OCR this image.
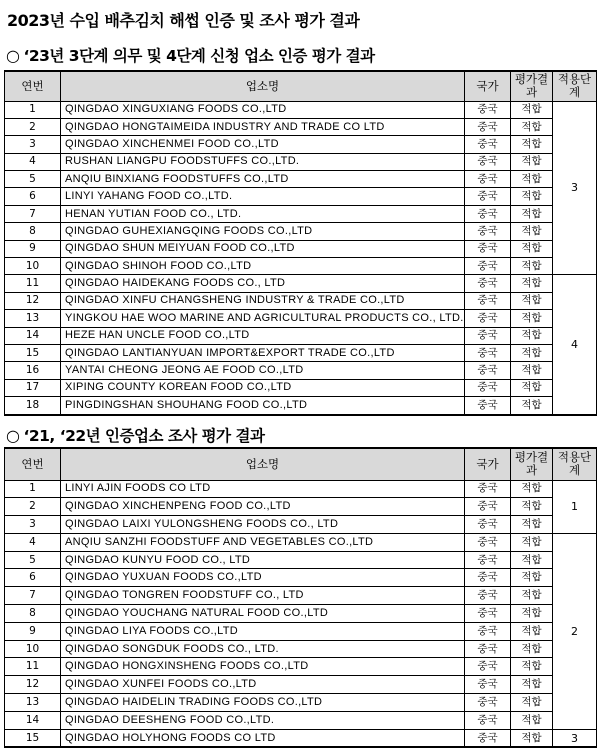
2023년 수입 배추김치 해썹 인증 및 조사 평가 결과
○ ‘23년 3단계 의무 및 4단계 신청 업소 인증 평가 결과
연번	업소명	국가	평가결과	적용단계
1	QINGDAO XINGUXIANG FOODS CO.,LTD	중국	적합	3
2	QINGDAO HONGTAIMEIDA INDUSTRY AND TRADE CO LTD	중국	적합	
3	QINGDAO XINCHENMEI FOOD CO.,LTD	중국	적합	
4	RUSHAN LIANGPU FOODSTUFFS CO.,LTD.	중국	적합	
5	ANQIU BINXIANG FOODSTUFFS CO.,LTD	중국	적합	
6	LINYI YAHANG FOOD CO.,LTD.	중국	적합	
7	HENAN YUTIAN FOOD CO., LTD.	중국	적합	
8	QINGDAO GUHEXIANGQING FOODS CO.,LTD	중국	적합	
9	QINGDAO SHUN MEIYUAN FOOD CO.,LTD	중국	적합	
10	QINGDAO SHINOH FOOD CO.,LTD	중국	적합	
11	QINGDAO HAIDEKANG FOODS CO., LTD	중국	적합	4
12	QINGDAO XINFU CHANGSHENG INDUSTRY & TRADE CO.,LTD	중국	적합	
13	YINGKOU HAE WOO MARINE AND AGRICULTURAL PRODUCTS CO., LTD.	중국	적합	
14	HEZE HAN UNCLE FOOD CO.,LTD	중국	적합	
15	QINGDAO LANTIANYUAN IMPORT&EXPORT TRADE CO.,LTD	중국	적합	
16	YANTAI CHEONG JEONG AE FOOD CO.,LTD	중국	적합	
17	XIPING COUNTY KOREAN FOOD CO.,LTD	중국	적합	
18	PINGDINGSHAN SHOUHANG FOOD CO.,LTD	중국	적합	
○ ‘21, ‘22년 인증업소 조사 평가 결과
연번	업소명	국가	평가결과	적용단계
1	LINYI AJIN FOODS CO LTD	중국	적합	1
2	QINGDAO XINCHENPENG FOOD CO.,LTD	중국	적합	
3	QINGDAO LAIXI YULONGSHENG FOODS CO., LTD	중국	적합	
4	ANQIU SANZHI FOODSTUFF AND VEGETABLES CO.,LTD	중국	적합	2
5	QINGDAO KUNYU FOOD CO., LTD	중국	적합	
6	QINGDAO YUXUAN FOODS CO.,LTD	중국	적합	
7	QINGDAO TONGREN FOODSTUFF CO., LTD	중국	적합	
8	QINGDAO YOUCHANG NATURAL FOOD CO.,LTD	중국	적합	
9	QINGDAO LIYA FOODS CO.,LTD	중국	적합	
10	QINGDAO SONGDUK FOODS CO., LTD.	중국	적합	
11	QINGDAO HONGXINSHENG FOODS CO.,LTD	중국	적합	
12	QINGDAO XUNFEI FOODS CO.,LTD	중국	적합	
13	QINGDAO HAIDELIN TRADING FOODS CO.,LTD	중국	적합	
14	QINGDAO DEESHENG FOOD CO.,LTD.	중국	적합	
15	QINGDAO HOLYHONG FOODS CO LTD	중국	적합	3
